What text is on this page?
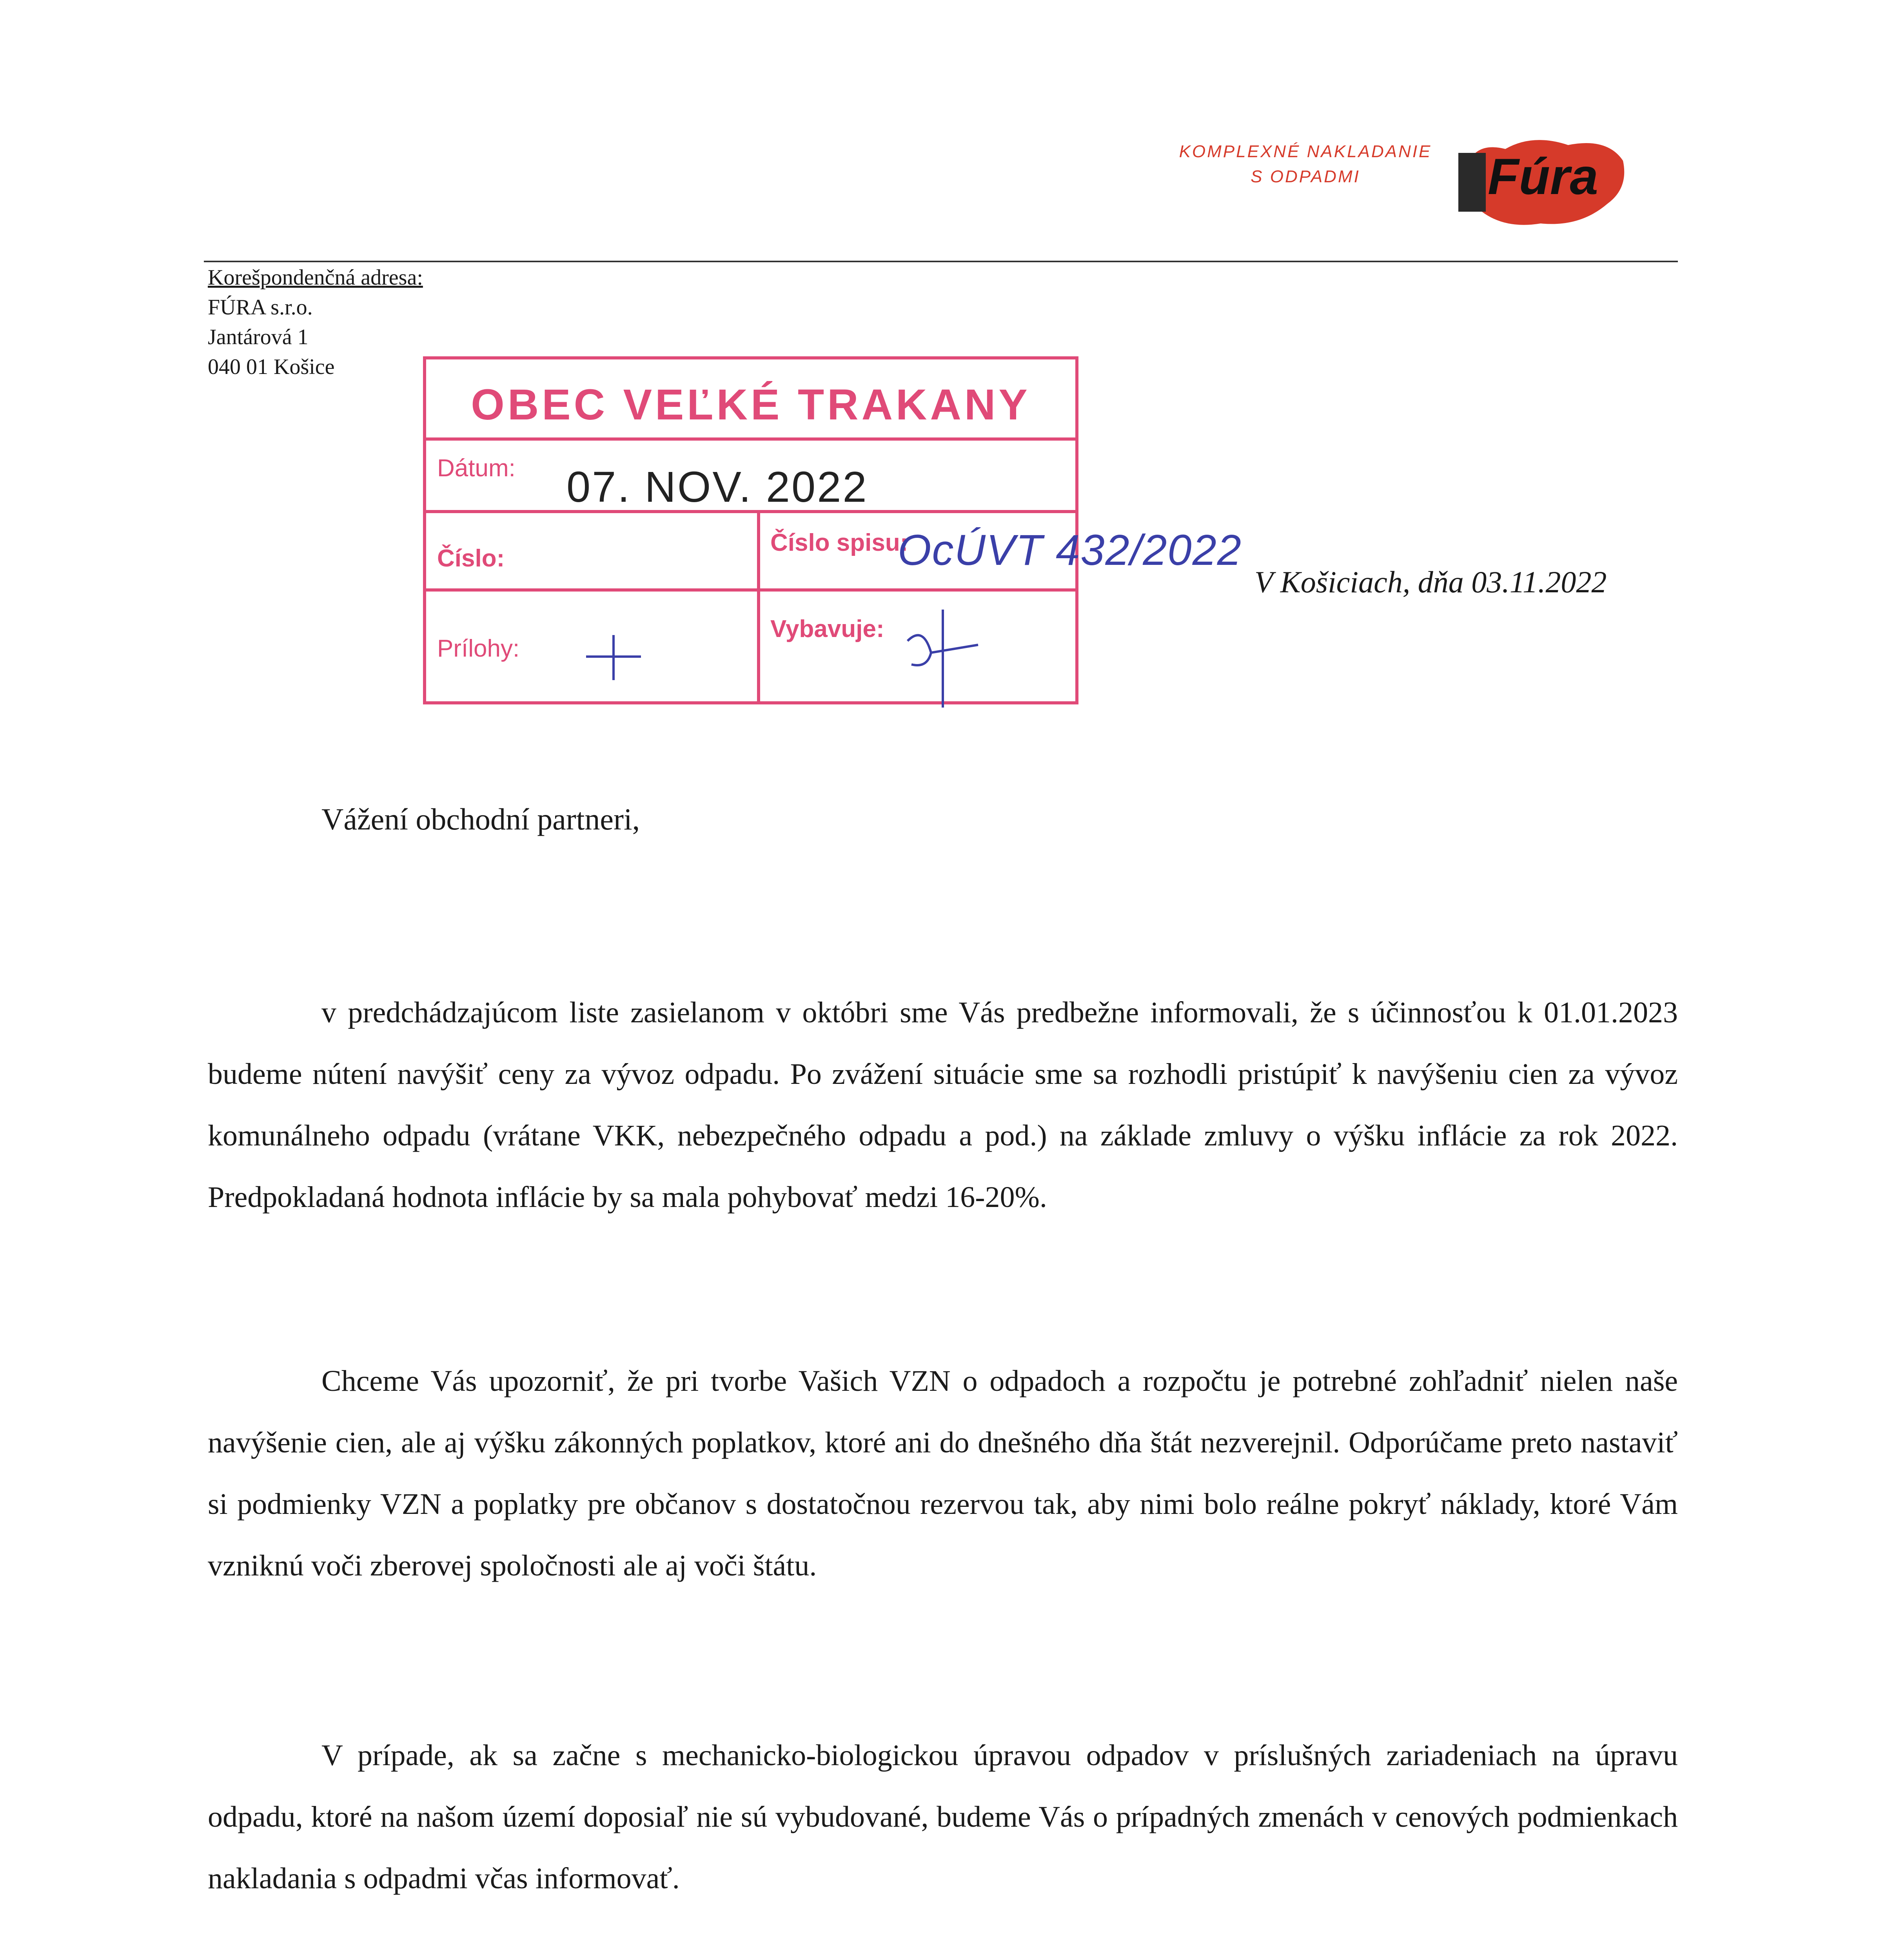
KOMPLEXNÉ NAKLADANIE
S ODPADMI	Fúra
Korešpondenčná adresa:
FÚRA s.r.o.
Jantárová 1
040 01 Košice
OBEC VEĽKÉ TRAKANY
Dátum: 07. NOV. 2022
Číslo:
Číslo spisu:
Prílohy:
Vybavuje:
OcÚVT 432/2022
V Košiciach, dňa 03.11.2022
Vážení obchodní partneri,
v predchádzajúcom liste zasielanom v októbri sme Vás predbežne informovali, že s účinnosťou k 01.01.2023 budeme nútení navýšiť ceny za vývoz odpadu. Po zvážení situácie sme sa rozhodli pristúpiť k navýšeniu cien za vývoz komunálneho odpadu (vrátane VKK, nebezpečného odpadu a pod.) na základe zmluvy o výšku inflácie za rok 2022. Predpokladaná hodnota inflácie by sa mala pohybovať medzi 16-20%.
Chceme Vás upozorniť, že pri tvorbe Vašich VZN o odpadoch a rozpočtu je potrebné zohľadniť nielen naše navýšenie cien, ale aj výšku zákonných poplatkov, ktoré ani do dnešného dňa štát nezverejnil. Odporúčame preto nastaviť si podmienky VZN a poplatky pre občanov s dostatočnou rezervou tak, aby nimi bolo reálne pokryť náklady, ktoré Vám vzniknú voči zberovej spoločnosti ale aj voči štátu.
V prípade, ak sa začne s mechanicko-biologickou úpravou odpadov v príslušných zariadeniach na úpravu odpadu, ktoré na našom území doposiaľ nie sú vybudované, budeme Vás o prípadných zmenách v cenových podmienkach nakladania s odpadmi včas informovať.
